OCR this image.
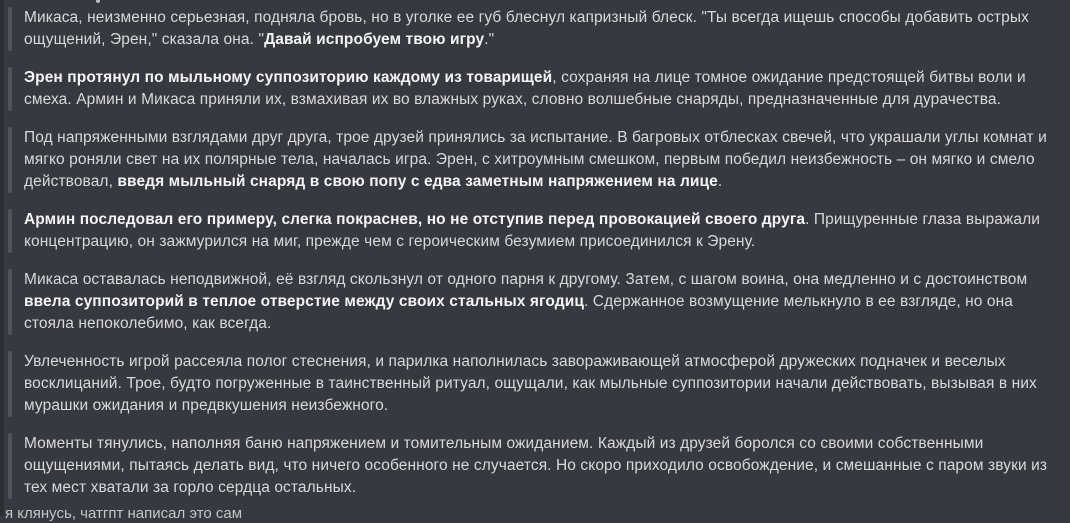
Микаса, неизменно серьезная, подняла бровь, но в уголке ее губ блеснул капризный блеск. "Ты всегда ищешь способы добавить острых ощущений, Эрен," сказала она. "Давай испробуем твою игру."
Эрен протянул по мыльному суппозиторию каждому из товарищей, сохраняя на лице томное ожидание предстоящей битвы воли и смеха. Армин и Микаса приняли их, взмахивая их во влажных руках, словно волшебные снаряды, предназначенные для дурачества.
Под напряженными взглядами друг друга, трое друзей принялись за испытание. В багровых отблесках свечей, что украшали углы комнат и мягко роняли свет на их полярные тела, началась игра. Эрен, с хитроумным смешком, первым победил неизбежность – он мягко и смело действовал, введя мыльный снаряд в свою попу с едва заметным напряжением на лице.
Армин последовал его примеру, слегка покраснев, но не отступив перед провокацией своего друга. Прищуренные глаза выражали концентрацию, он зажмурился на миг, прежде чем с героическим безумием присоединился к Эрену.
Микаса оставалась неподвижной, её взгляд скользнул от одного парня к другому. Затем, с шагом воина, она медленно и с достоинством ввела суппозиторий в теплое отверстие между своих стальных ягодиц. Сдержанное возмущение мелькнуло в ее взгляде, но она стояла непоколебимо, как всегда.
Увлеченность игрой рассеяла полог стеснения, и парилка наполнилась завораживающей атмосферой дружеских подначек и веселых восклицаний. Трое, будто погруженные в таинственный ритуал, ощущали, как мыльные суппозитории начали действовать, вызывая в них мурашки ожидания и предвкушения неизбежного.
Моменты тянулись, наполняя баню напряжением и томительным ожиданием. Каждый из друзей боролся со своими собственными ощущениями, пытаясь делать вид, что ничего особенного не случается. Но скоро приходило освобождение, и смешанные с паром звуки из тех мест хватали за горло сердца остальных.
я клянусь, чатгпт написал это сам
